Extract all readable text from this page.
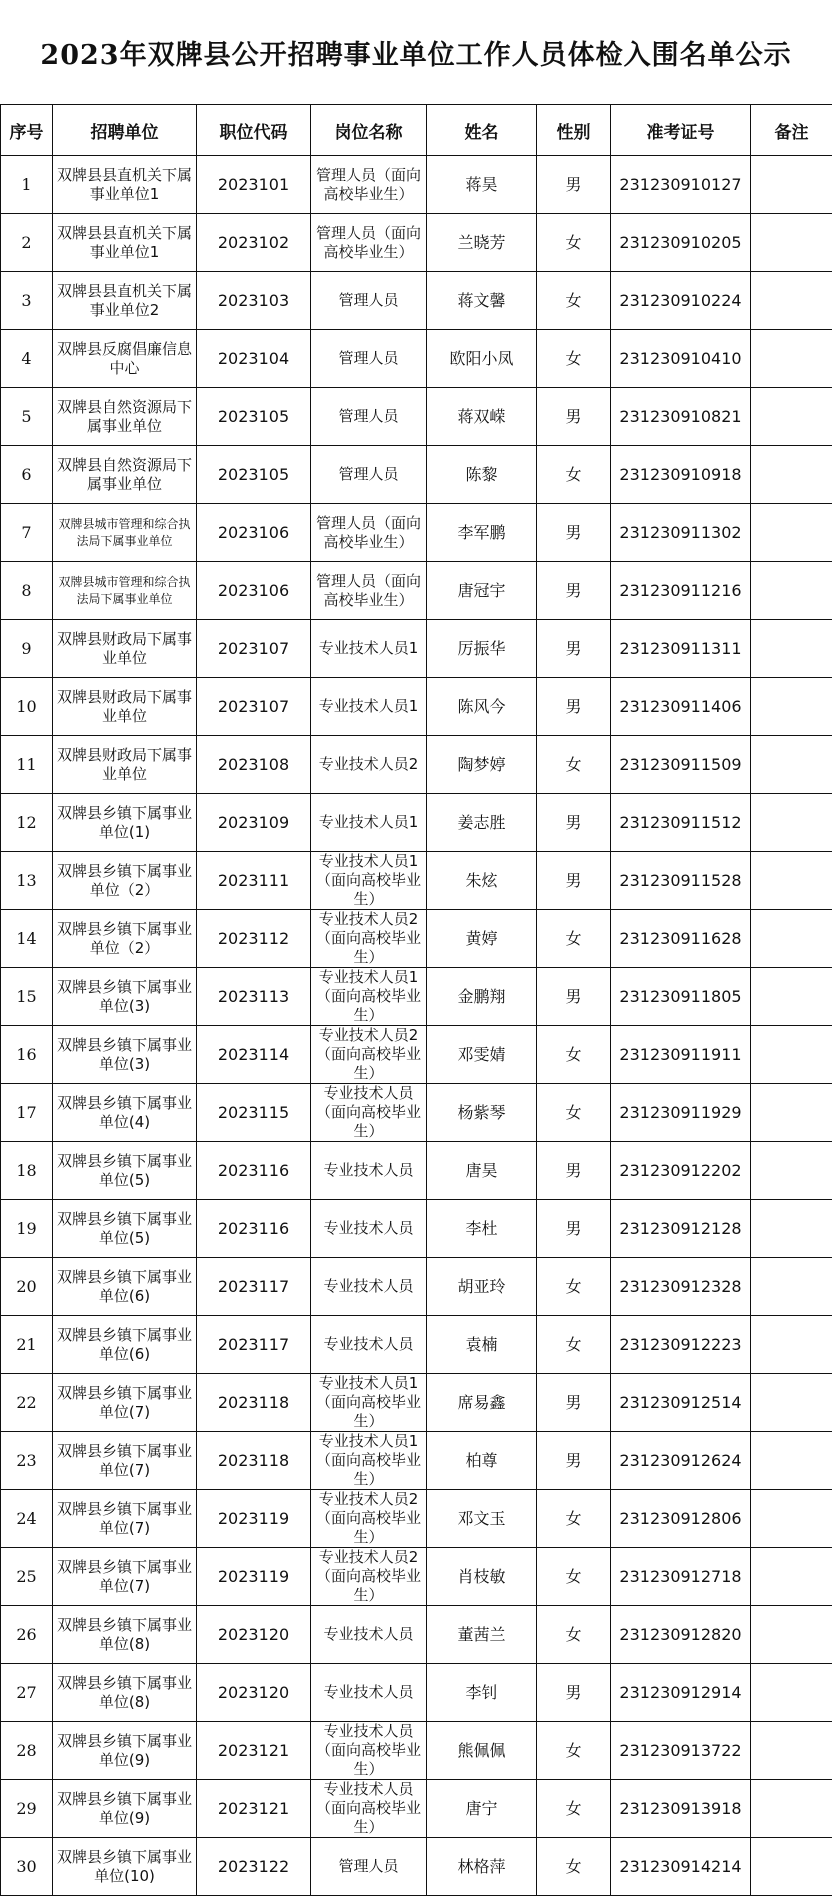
2023年双牌县公开招聘事业单位工作人员体检入围名单公示
序号	招聘单位	职位代码	岗位名称	姓名	性别	准考证号	备注
1	双牌县县直机关下属事业单位1	2023101	管理人员（面向高校毕业生）	蒋昊	男	231230910127	
2	双牌县县直机关下属事业单位1	2023102	管理人员（面向高校毕业生）	兰晓芳	女	231230910205	
3	双牌县县直机关下属事业单位2	2023103	管理人员	蒋文馨	女	231230910224	
4	双牌县反腐倡廉信息中心	2023104	管理人员	欧阳小凤	女	231230910410	
5	双牌县自然资源局下属事业单位	2023105	管理人员	蒋双嵘	男	231230910821	
6	双牌县自然资源局下属事业单位	2023105	管理人员	陈黎	女	231230910918	
7	双牌县城市管理和综合执法局下属事业单位	2023106	管理人员（面向高校毕业生）	李军鹏	男	231230911302	
8	双牌县城市管理和综合执法局下属事业单位	2023106	管理人员（面向高校毕业生）	唐冠宇	男	231230911216	
9	双牌县财政局下属事业单位	2023107	专业技术人员1	厉振华	男	231230911311	
10	双牌县财政局下属事业单位	2023107	专业技术人员1	陈风今	男	231230911406	
11	双牌县财政局下属事业单位	2023108	专业技术人员2	陶梦婷	女	231230911509	
12	双牌县乡镇下属事业单位(1)	2023109	专业技术人员1	姜志胜	男	231230911512	
13	双牌县乡镇下属事业单位（2）	2023111	专业技术人员1（面向高校毕业生）	朱炫	男	231230911528	
14	双牌县乡镇下属事业单位（2）	2023112	专业技术人员2（面向高校毕业生）	黄婷	女	231230911628	
15	双牌县乡镇下属事业单位(3)	2023113	专业技术人员1（面向高校毕业生）	金鹏翔	男	231230911805	
16	双牌县乡镇下属事业单位(3)	2023114	专业技术人员2（面向高校毕业生）	邓雯婧	女	231230911911	
17	双牌县乡镇下属事业单位(4)	2023115	专业技术人员（面向高校毕业生）	杨紫琴	女	231230911929	
18	双牌县乡镇下属事业单位(5)	2023116	专业技术人员	唐昊	男	231230912202	
19	双牌县乡镇下属事业单位(5)	2023116	专业技术人员	李杜	男	231230912128	
20	双牌县乡镇下属事业单位(6)	2023117	专业技术人员	胡亚玲	女	231230912328	
21	双牌县乡镇下属事业单位(6)	2023117	专业技术人员	袁楠	女	231230912223	
22	双牌县乡镇下属事业单位(7)	2023118	专业技术人员1（面向高校毕业生）	席易鑫	男	231230912514	
23	双牌县乡镇下属事业单位(7)	2023118	专业技术人员1（面向高校毕业生）	柏尊	男	231230912624	
24	双牌县乡镇下属事业单位(7)	2023119	专业技术人员2（面向高校毕业生）	邓文玉	女	231230912806	
25	双牌县乡镇下属事业单位(7)	2023119	专业技术人员2（面向高校毕业生）	肖枝敏	女	231230912718	
26	双牌县乡镇下属事业单位(8)	2023120	专业技术人员	董茜兰	女	231230912820	
27	双牌县乡镇下属事业单位(8)	2023120	专业技术人员	李钊	男	231230912914	
28	双牌县乡镇下属事业单位(9)	2023121	专业技术人员（面向高校毕业生）	熊佩佩	女	231230913722	
29	双牌县乡镇下属事业单位(9)	2023121	专业技术人员（面向高校毕业生）	唐宁	女	231230913918	
30	双牌县乡镇下属事业单位(10)	2023122	管理人员	林格萍	女	231230914214	
